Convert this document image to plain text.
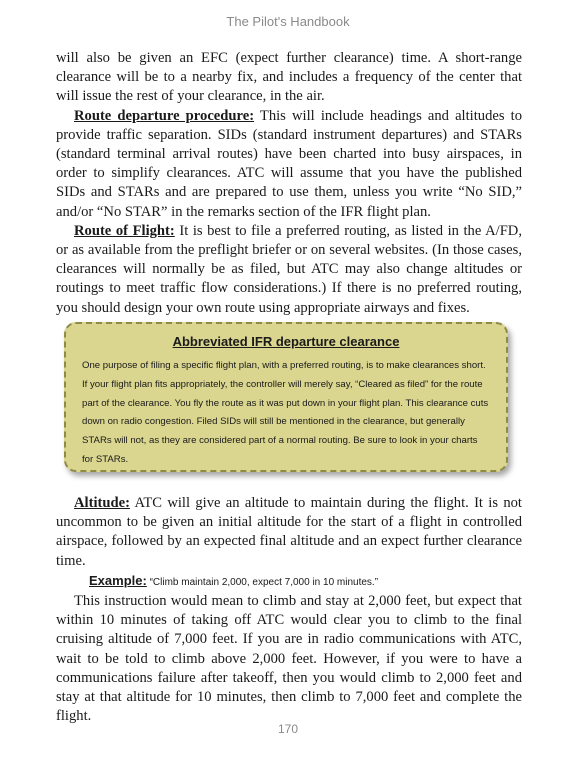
The Pilot's Handbook

will also be given an EFC (expect further clearance) time. A short-range clearance will be to a nearby fix, and includes a frequency of the center that will issue the rest of your clearance, in the air.

Route departure procedure: This will include headings and altitudes to provide traffic separation. SIDs (standard instrument departures) and STARs (standard terminal arrival routes) have been charted into busy airspaces, in order to simplify clearances. ATC will assume that you have the published SIDs and STARs and are prepared to use them, unless you write “No SID,” and/or “No STAR” in the remarks section of the IFR flight plan.

Route of Flight: It is best to file a preferred routing, as listed in the A/FD, or as available from the preflight briefer or on several websites. (In those cases, clearances will normally be as filed, but ATC may also change altitudes or routings to meet traffic flow considerations.) If there is no preferred routing, you should design your own route using appropriate airways and fixes.

Abbreviated IFR departure clearance

One purpose of filing a specific flight plan, with a preferred routing, is to make clearances short. If your flight plan fits appropriately, the controller will merely say, “Cleared as filed” for the route part of the clearance. You fly the route as it was put down in your flight plan. This clearance cuts down on radio congestion. Filed SIDs will still be mentioned in the clearance, but generally STARs will not, as they are considered part of a normal routing. Be sure to look in your charts for STARs.

Altitude: ATC will give an altitude to maintain during the flight. It is not uncommon to be given an initial altitude for the start of a flight in controlled airspace, followed by an expected final altitude and an expect further clearance time.

Example: “Climb maintain 2,000, expect 7,000 in 10 minutes.”

This instruction would mean to climb and stay at 2,000 feet, but expect that within 10 minutes of taking off ATC would clear you to climb to the final cruising altitude of 7,000 feet. If you are in radio communications with ATC, wait to be told to climb above 2,000 feet. However, if you were to have a communications failure after takeoff, then you would climb to 2,000 feet and stay at that altitude for 10 minutes, then climb to 7,000 feet and complete the flight.

170
